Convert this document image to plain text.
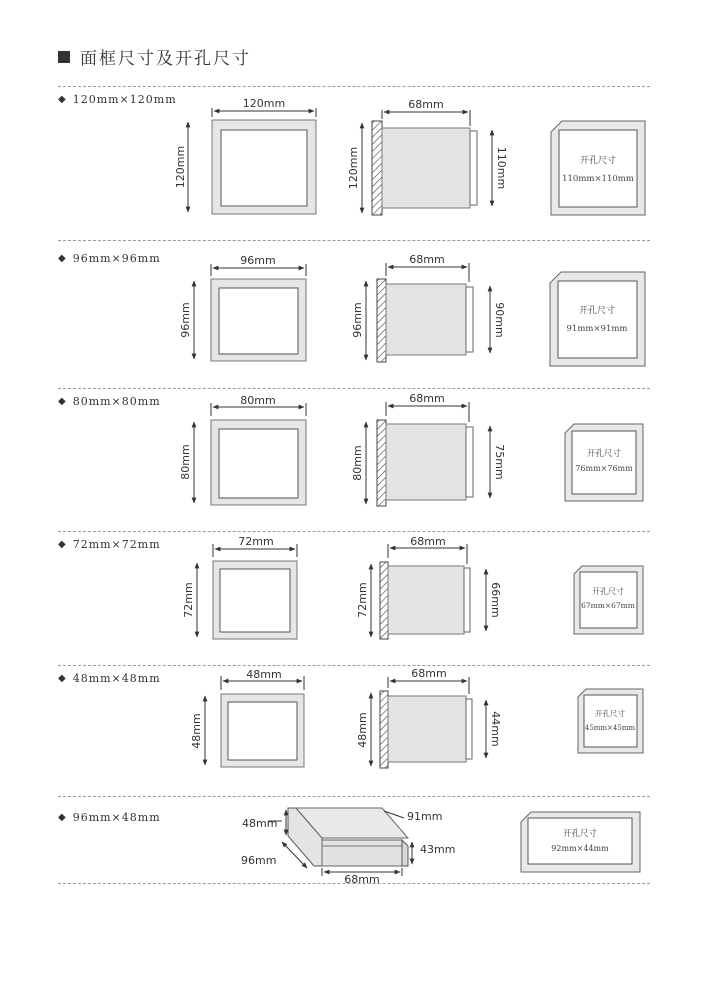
面框尺寸及开孔尺寸
◆ 120mm×120mm
◆ 96mm×96mm
◆ 80mm×80mm
◆ 72mm×72mm
◆ 48mm×48mm
◆ 96mm×48mm
120mm
120mm
68mm
120mm	110mm	开孔尺寸
110mm×110mm
96mm
96mm
68mm
96mm	90mm	开孔尺寸
91mm×91mm
80mm
80mm
68mm
80mm	75mm	开孔尺寸
76mm×76mm
72mm
72mm
68mm
72mm	66mm	开孔尺寸
67mm×67mm
48mm
48mm
68mm
48mm	44mm	开孔尺寸
45mm×45mm
48mm
96mm
91mm
43mm
68mm
开孔尺寸
92mm×44mm
